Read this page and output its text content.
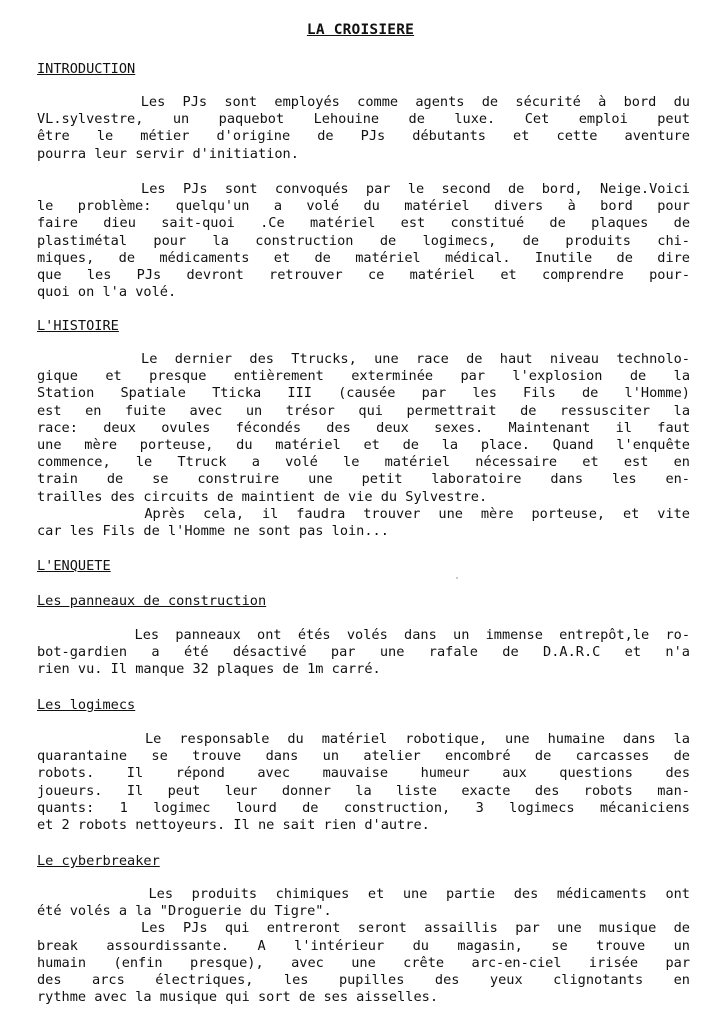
LA CROISIERE
INTRODUCTION
Les PJs sont employés comme agents de sécurité à bord du
VL.sylvestre, un paquebot Lehouine de luxe. Cet emploi peut
être le métier d'origine de PJs débutants et cette aventure
pourra leur servir d'initiation.
Les PJs sont convoqués par le second de bord, Neige.Voici
le problème: quelqu'un a volé du matériel divers à bord pour
faire dieu sait-quoi .Ce matériel est constitué de plaques de
plastimétal pour la construction de logimecs, de produits chi-
miques, de médicaments et de matériel médical. Inutile de dire
que les PJs devront retrouver ce matériel et comprendre pour-
quoi on l'a volé.
L'HISTOIRE
Le dernier des Ttrucks, une race de haut niveau technolo-
gique et presque entièrement exterminée par l'explosion de la
Station Spatiale Tticka III (causée par les Fils de l'Homme)
est en fuite avec un trésor qui permettrait de ressusciter la
race: deux ovules fécondés des deux sexes. Maintenant il faut
une mère porteuse, du matériel et de la place. Quand l'enquête
commence, le Ttruck a volé le matériel nécessaire et est en
train de se construire une petit laboratoire dans les en-
trailles des circuits de maintient de vie du Sylvestre.
Après cela, il faudra trouver une mère porteuse, et vite
car les Fils de l'Homme ne sont pas loin...
L'ENQUETE
Les panneaux de construction
Les panneaux ont étés volés dans un immense entrepôt,le ro-
bot-gardien a été désactivé par une rafale de D.A.R.C et n'a
rien vu. Il manque 32 plaques de 1m carré.
Les logimecs
Le responsable du matériel robotique, une humaine dans la
quarantaine se trouve dans un atelier encombré de carcasses de
robots. Il répond avec mauvaise humeur aux questions des
joueurs. Il peut leur donner la liste exacte des robots man-
quants: 1 logimec lourd de construction, 3 logimecs mécaniciens
et 2 robots nettoyeurs. Il ne sait rien d'autre.
Le cyberbreaker
Les produits chimiques et une partie des médicaments ont
été volés a la "Droguerie du Tigre".
Les PJs qui entreront seront assaillis par une musique de
break assourdissante. A l'intérieur du magasin, se trouve un
humain (enfin presque), avec une crête arc-en-ciel irisée par
des arcs électriques, les pupilles des yeux clignotants en
rythme avec la musique qui sort de ses aisselles.
